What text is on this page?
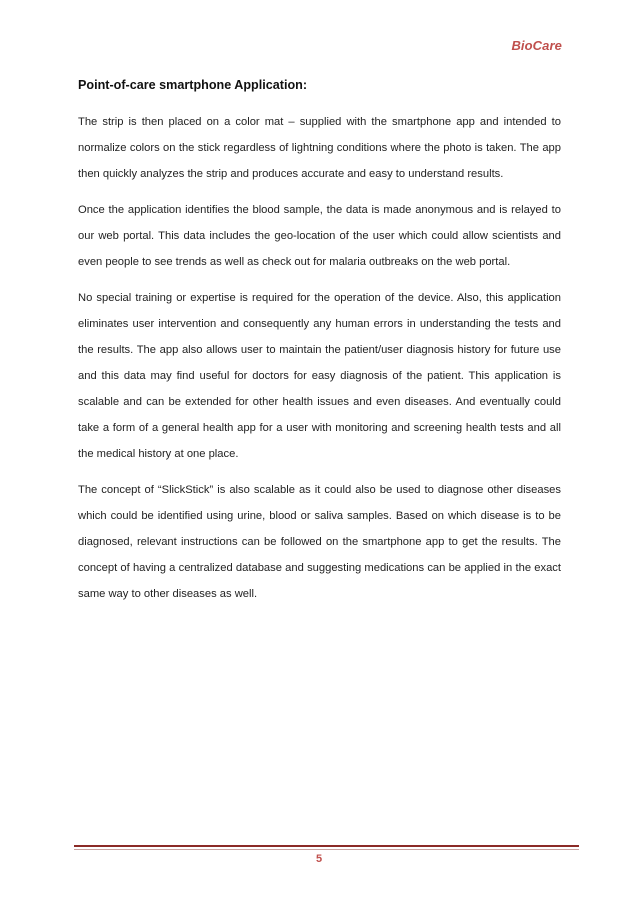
BioCare
Point-of-care smartphone Application:

The strip is then placed on a color mat – supplied with the smartphone app and intended to normalize colors on the stick regardless of lightning conditions where the photo is taken. The app then quickly analyzes the strip and produces accurate and easy to understand results.

Once the application identifies the blood sample, the data is made anonymous and is relayed to our web portal. This data includes the geo-location of the user which could allow scientists and even people to see trends as well as check out for malaria outbreaks on the web portal.

No special training or expertise is required for the operation of the device. Also, this application eliminates user intervention and consequently any human errors in understanding the tests and the results. The app also allows user to maintain the patient/user diagnosis history for future use and this data may find useful for doctors for easy diagnosis of the patient. This application is scalable and can be extended for other health issues and even diseases. And eventually could take a form of a general health app for a user with monitoring and screening health tests and all the medical history at one place.

The concept of “SlickStick” is also scalable as it could also be used to diagnose other diseases which could be identified using urine, blood or saliva samples. Based on which disease is to be diagnosed, relevant instructions can be followed on the smartphone app to get the results. The concept of having a centralized database and suggesting medications can be applied in the exact same way to other diseases as well.

5
